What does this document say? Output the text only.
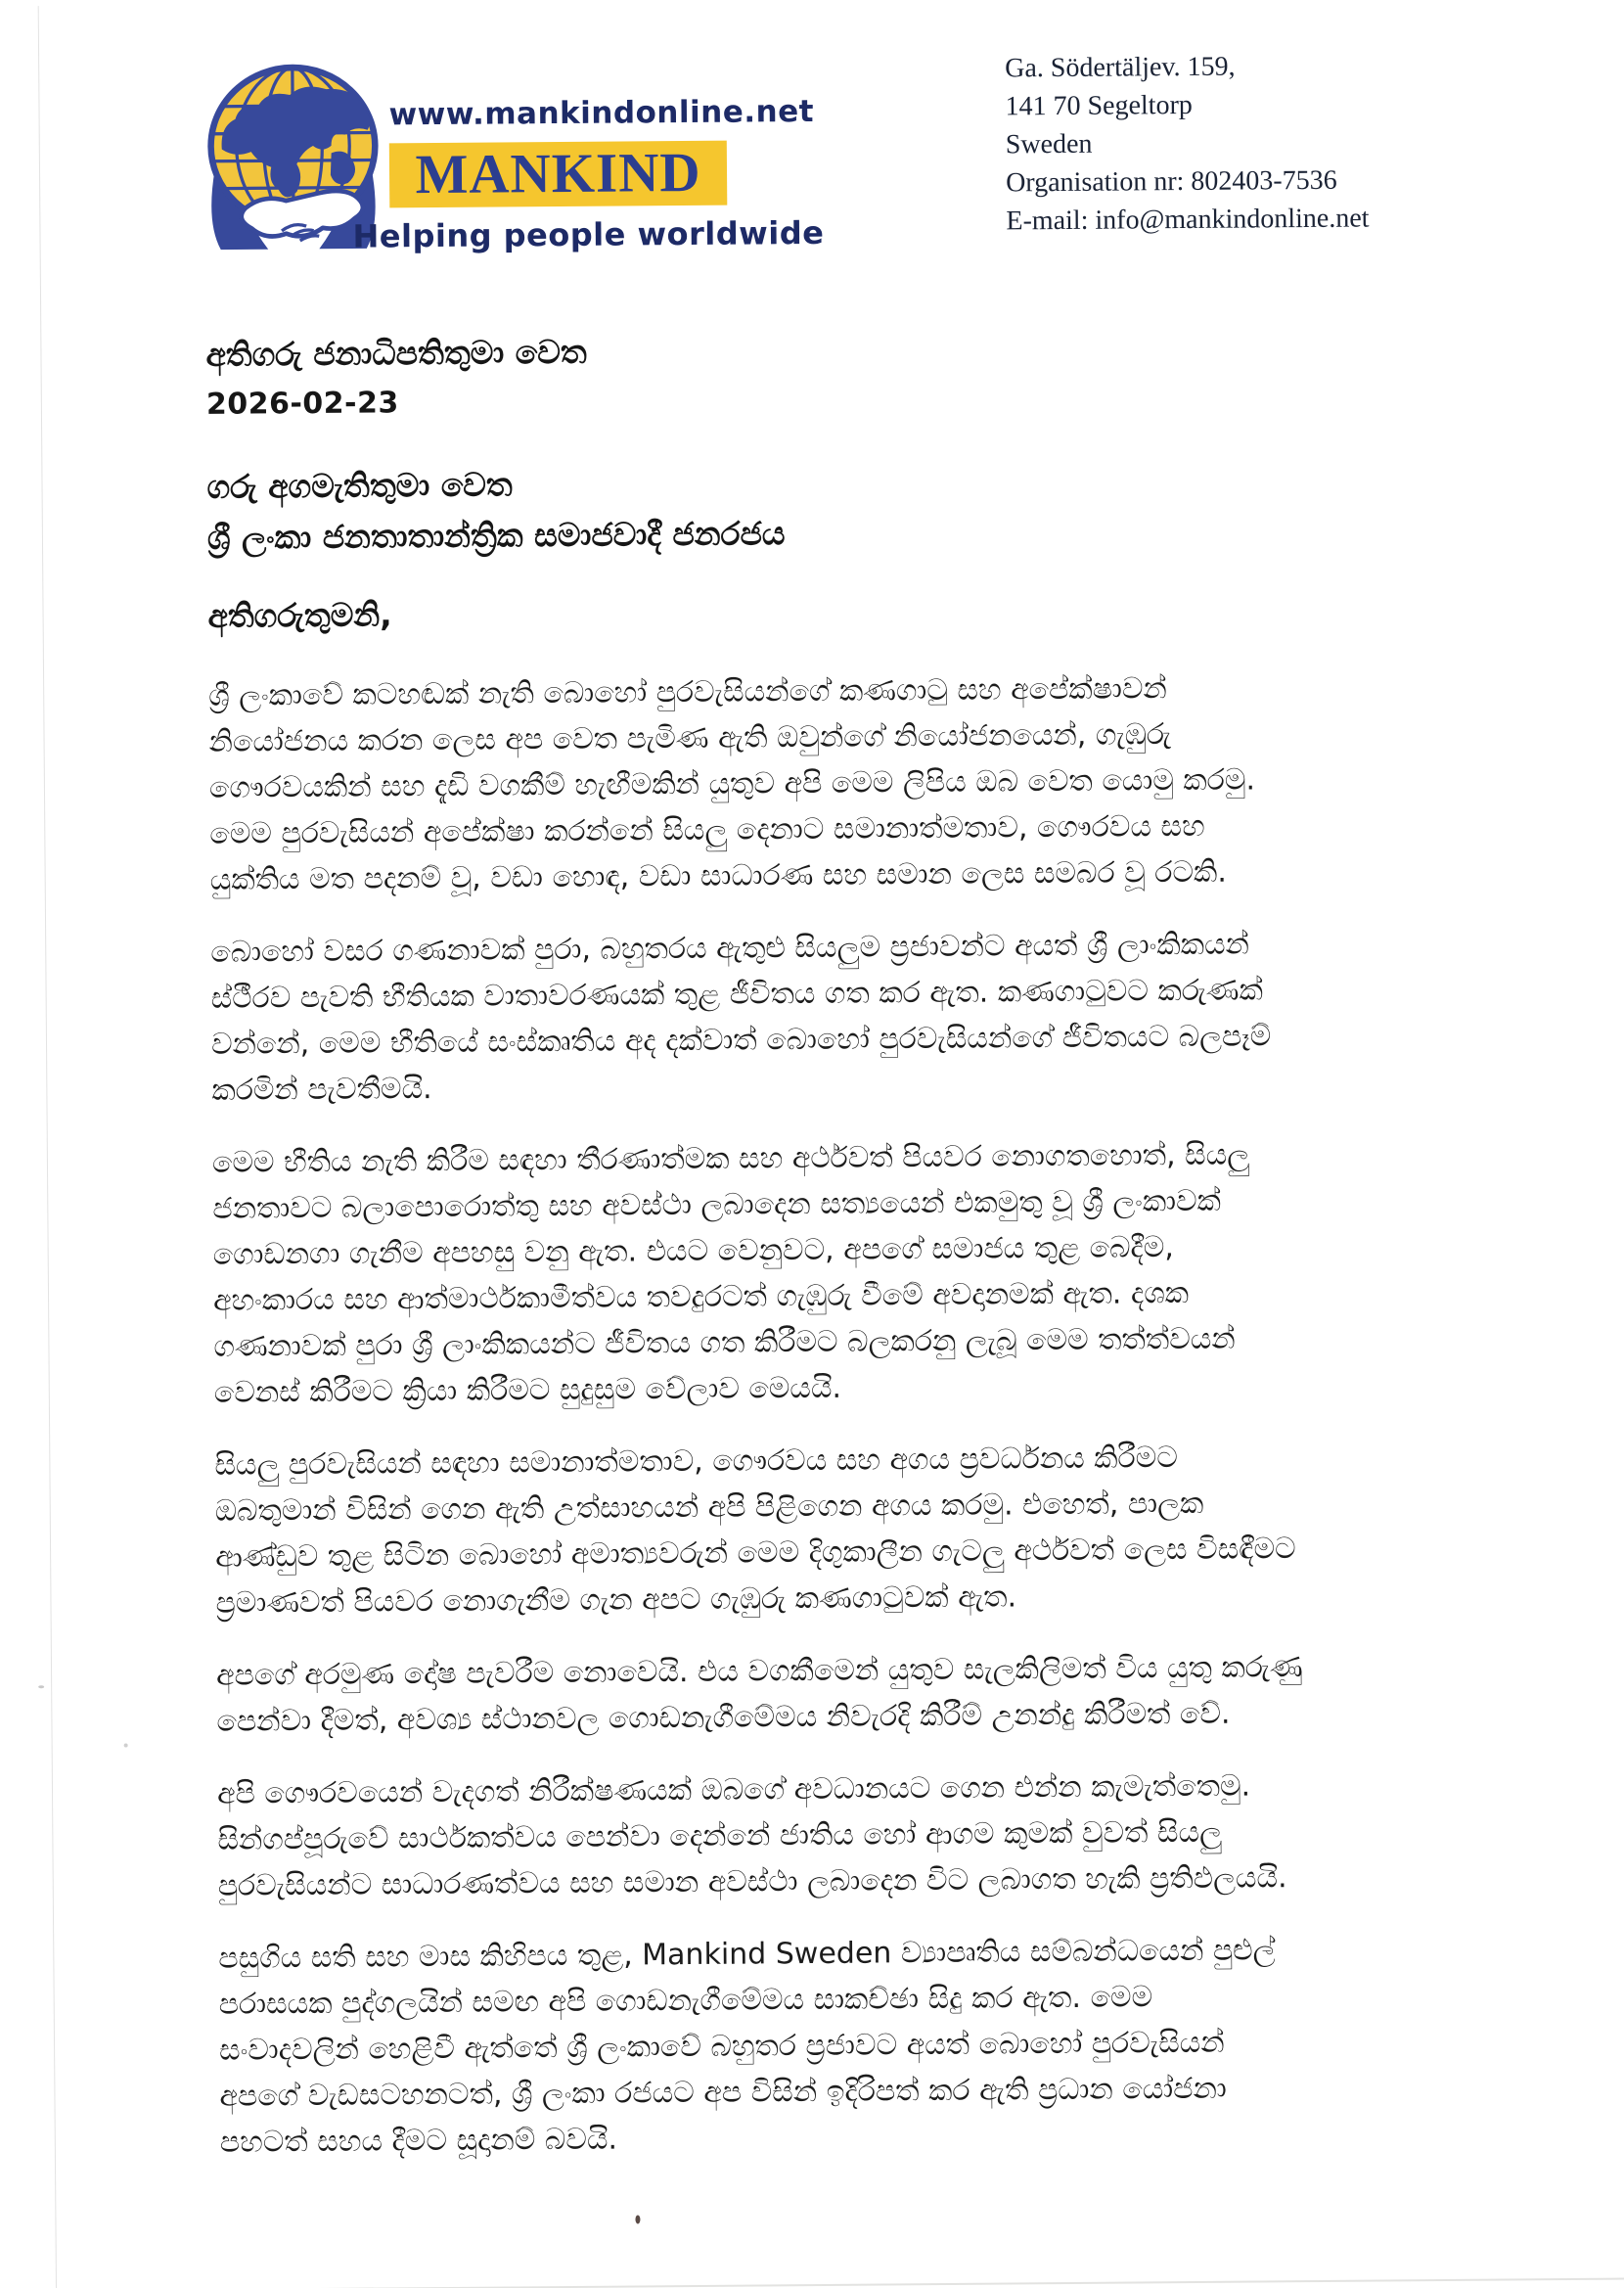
www.mankindonline.net
MANKIND
Helping people worldwide
Ga. Södertäljev. 159,
141 70 Segeltorp
Sweden
Organisation nr: 802403-7536
E-mail: info@mankindonline.net
අතිගරු ජනාධිපතිතුමා වෙත
2026-02-23
ගරු අගමැතිතුමා වෙත
ශ්‍රී ලංකා ජනතාතාන්ත්‍රික සමාජවාදී ජනරජය
අතිගරුතුමනි,
ශ්‍රී ලංකාවේ කටහඬක් නැති බොහෝ පුරවැසියන්ගේ කණගාටු සහ අපේක්ෂාවන්
නියෝජනය කරන ලෙස අප වෙත පැමිණ ඇති ඔවුන්ගේ නියෝජනයෙන්, ගැඹුරු
ගෞරවයකින් සහ දැඩි වගකීම් හැඟීමකින් යුතුව අපි මෙම ලිපිය ඔබ වෙත යොමු කරමු.
මෙම පුරවැසියන් අපේක්ෂා කරන්නේ සියලු දෙනාට සමානාත්මතාව, ගෞරවය සහ
යුක්තිය මත පදනම් වූ, වඩා හොඳ, වඩා සාධාරණ සහ සමාන ලෙස සමබර වූ රටකි.
බොහෝ වසර ගණනාවක් පුරා, බහුතරය ඇතුළු සියලුම ප්‍රජාවන්ට අයත් ශ්‍රී ලාංකිකයන්
ස්ථීරව පැවති භීතියක වාතාවරණයක් තුළ ජීවිතය ගත කර ඇත. කණගාටුවට කරුණක්
වන්නේ, මෙම භීතියේ සංස්කෘතිය අද දක්වාත් බොහෝ පුරවැසියන්ගේ ජීවිතයට බලපෑම්
කරමින් පැවතීමයි.
මෙම භීතිය නැති කිරීම සඳහා තීරණාත්මක සහ අර්ථවත් පියවර නොගතහොත්, සියලු
ජනතාවට බලාපොරොත්තු සහ අවස්ථා ලබාදෙන සත්‍යයෙන් එකමුතු වූ ශ්‍රී ලංකාවක්
ගොඩනගා ගැනීම අපහසු වනු ඇත. එයට වෙනුවට, අපගේ සමාජය තුළ බෙදීම,
අහංකාරය සහ ආත්මාර්ථකාමීත්වය තවදුරටත් ගැඹුරු වීමේ අවදානමක් ඇත. දශක
ගණනාවක් පුරා ශ්‍රී ලාංකිකයන්ට ජීවිතය ගත කිරීමට බලකරනු ලැබූ මෙම තත්ත්වයන්
වෙනස් කිරීමට ක්‍රියා කිරීමට සුදුසුම වේලාව මෙයයි.
සියලු පුරවැසියන් සඳහා සමානාත්මතාව, ගෞරවය සහ අගය ප්‍රවර්ධනය කිරීමට
ඔබතුමාන් විසින් ගෙන ඇති උත්සාහයන් අපි පිළිගෙන අගය කරමු. එහෙත්, පාලක
ආණ්ඩුව තුළ සිටින බොහෝ අමාත්‍යවරුන් මෙම දිගුකාලීන ගැටලු අර්ථවත් ලෙස විසඳීමට
ප්‍රමාණවත් පියවර නොගැනීම ගැන අපට ගැඹුරු කණගාටුවක් ඇත.
අපගේ අරමුණ දෝෂ පැවරීම නොවෙයි. එය වගකීමෙන් යුතුව සැලකිලිමත් විය යුතු කරුණු
පෙන්වා දීමත්, අවශ්‍ය ස්ථානවල ගොඩනැගීමේමය නිවැරදි කිරීම් උනන්දු කිරීමත් වේ.
අපි ගෞරවයෙන් වැදගත් නිරීක්ෂණයක් ඔබගේ අවධානයට ගෙන එන්න කැමැත්තෙමු.
සින්ගප්පූරුවේ සාර්ථකත්වය පෙන්වා දෙන්නේ ජාතිය හෝ ආගම කුමක් වුවත් සියලු
පුරවැසියන්ට සාධාරණත්වය සහ සමාන අවස්ථා ලබාදෙන විට ලබාගත හැකි ප්‍රතිඵලයයි.
පසුගිය සති සහ මාස කිහිපය තුළ, Mankind Sweden ව්‍යාපෘතිය සම්බන්ධයෙන් පුළුල්
පරාසයක පුද්ගලයින් සමඟ අපි ගොඩනැගීමේමය සාකච්ඡා සිදු කර ඇත. මෙම
සංවාදවලින් හෙළිවී ඇත්තේ ශ්‍රී ලංකාවේ බහුතර ප්‍රජාවට අයත් බොහෝ පුරවැසියන්
අපගේ වැඩසටහනටත්, ශ්‍රී ලංකා රජයට අප විසින් ඉදිරිපත් කර ඇති ප්‍රධාන යෝජනා
පහටත් සහය දීමට සූදානම් බවයි.
